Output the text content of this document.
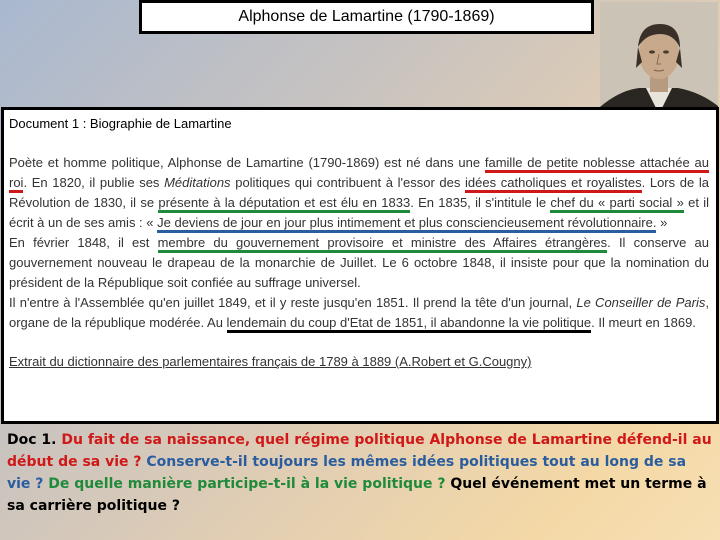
Alphonse de Lamartine (1790-1869)
Document 1 : Biographie de Lamartine

Poète et homme politique, Alphonse de Lamartine (1790-1869) est né dans une famille de petite noblesse attachée au roi. En 1820, il publie ses Méditations politiques qui contribuent à l'essor des idées catholiques et royalistes. Lors de la Révolution de 1830, il se présente à la députation et est élu en 1833. En 1835, il s'intitule le chef du « parti social » et il écrit à un de ses amis : « Je deviens de jour en jour plus intimement et plus consciencieusement révolutionnaire. »

En février 1848, il est membre du gouvernement provisoire et ministre des Affaires étrangères. Il conserve au gouvernement nouveau le drapeau de la monarchie de Juillet. Le 6 octobre 1848, il insiste pour que la nomination du président de la République soit confiée au suffrage universel.

Il n'entre à l'Assemblée qu'en juillet 1849, et il y reste jusqu'en 1851. Il prend la tête d'un journal, Le Conseiller de Paris, organe de la république modérée. Au lendemain du coup d'Etat de 1851, il abandonne la vie politique. Il meurt en 1869.

Extrait du dictionnaire des parlementaires français de 1789 à 1889 (A.Robert et G.Cougny)
Doc 1. Du fait de sa naissance, quel régime politique Alphonse de Lamartine défend-il au début de sa vie ? Conserve-t-il toujours les mêmes idées politiques tout au long de sa vie ? De quelle manière participe-t-il à la vie politique ? Quel événement met un terme à sa carrière politique ?
